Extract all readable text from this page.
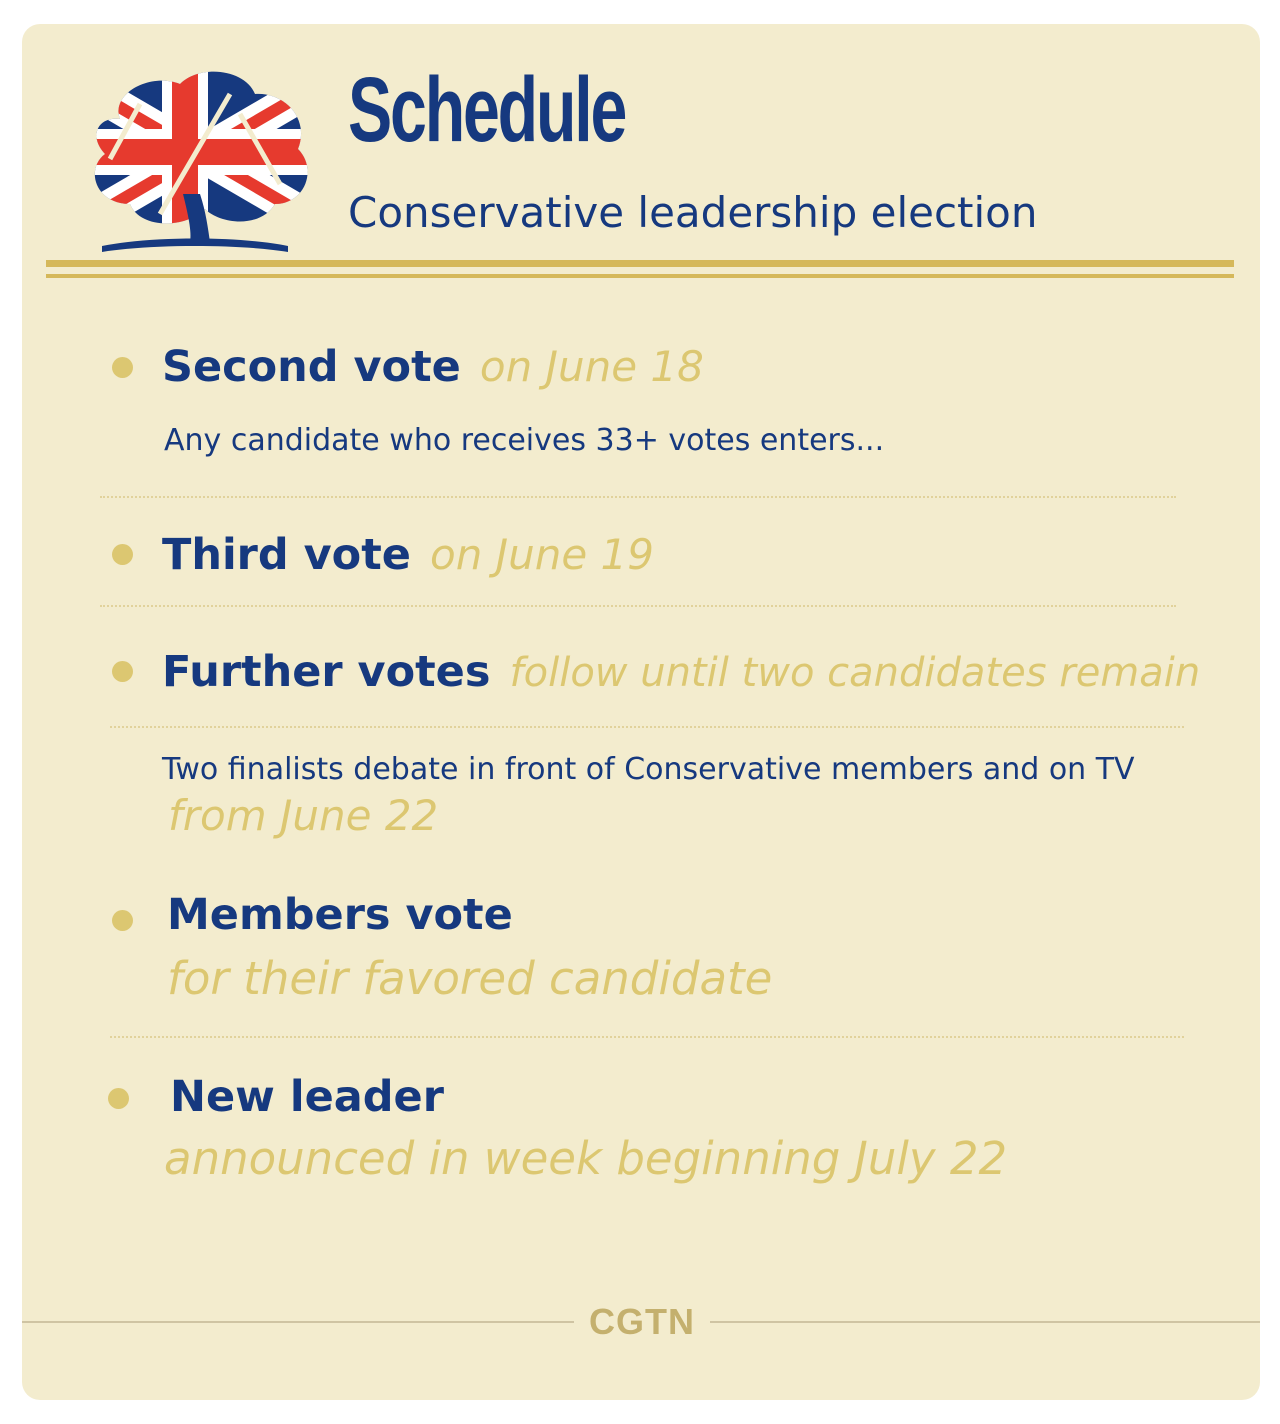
Schedule

Conservative leadership election

Second vote on June 18

Any candidate who receives 33+ votes enters...

Third vote on June 19
Further votes follow until two candidates remain
Two finalists debate in front of Conservative members and on TV from June 22
Members vote
for their favored candidate
New leader
announced in week beginning July 22
CGTN
